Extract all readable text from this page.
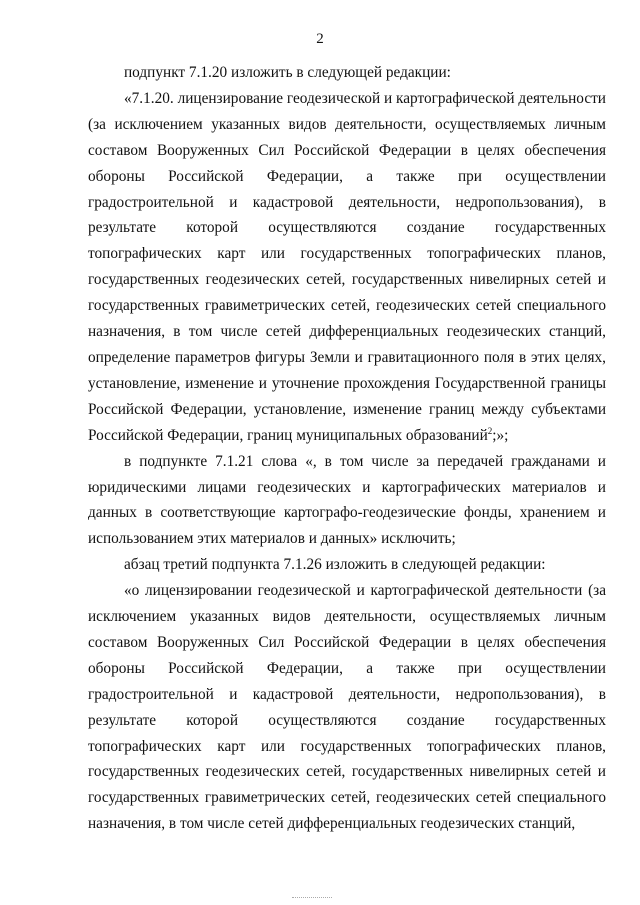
2

подпункт 7.1.20 изложить в следующей редакции:

«7.1.20. лицензирование геодезической и картографической деятельности (за исключением указанных видов деятельности, осуществляемых личным составом Вооруженных Сил Российской Федерации в целях обеспечения обороны Российской Федерации, а также при осуществлении градостроительной и кадастровой деятельности, недропользования), в результате которой осуществляются создание государственных топографических карт или государственных топографических планов, государственных геодезических сетей, государственных нивелирных сетей и государственных гравиметрических сетей, геодезических сетей специального назначения, в том числе сетей дифференциальных геодезических станций, определение параметров фигуры Земли и гравитационного поля в этих целях, установление, изменение и уточнение прохождения Государственной границы Российской Федерации, установление, изменение границ между субъектами Российской Федерации, границ муниципальных образований$^2$;»;

в подпункте 7.1.21 слова «, в том числе за передачей гражданами и юридическими лицами геодезических и картографических материалов и данных в соответствующие картографо-геодезические фонды, хранением и использованием этих материалов и данных» исключить;

абзац третий подпункта 7.1.26 изложить в следующей редакции:

«о лицензировании геодезической и картографической деятельности (за исключением указанных видов деятельности, осуществляемых личным составом Вооруженных Сил Российской Федерации в целях обеспечения обороны Российской Федерации, а также при осуществлении градостроительной и кадастровой деятельности, недропользования), в результате которой осуществляются создание государственных топографических карт или государственных топографических планов, государственных геодезических сетей, государственных нивелирных сетей и государственных гравиметрических сетей, геодезических сетей специального назначения, в том числе сетей дифференциальных геодезических станций,
